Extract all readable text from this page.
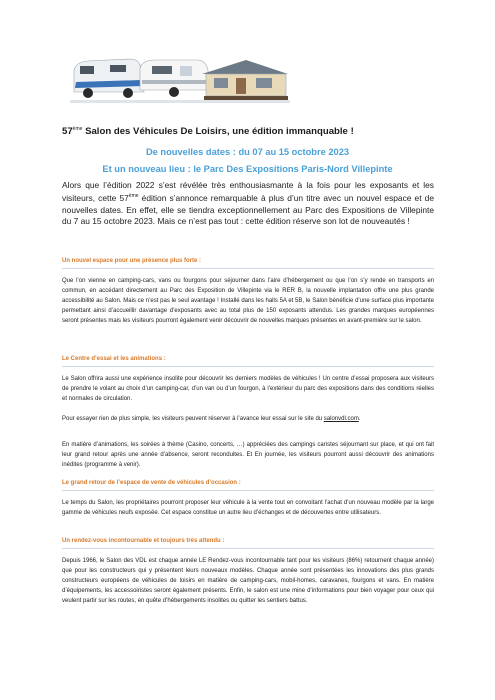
57ème Salon des Véhicules De Loisirs, une édition immanquable !
De nouvelles dates : du 07 au 15 octobre 2023
Et un nouveau lieu : le Parc Des Expositions Paris-Nord Villepinte
Alors que l’édition 2022 s’est révélée très enthousiasmante à la fois pour les exposants et les visiteurs, cette 57ème édition s’annonce remarquable à plus d’un titre avec un nouvel espace et de nouvelles dates. En effet, elle se tiendra exceptionnellement au Parc des Expositions de Villepinte du 7 au 15 octobre 2023. Mais ce n’est pas tout : cette édition réserve son lot de nouveautés !
Un nouvel espace pour une présence plus forte :
Que l’on vienne en camping-cars, vans ou fourgons pour séjourner dans l’aire d’hébergement ou que l’on s’y rende en transports en commun, en accédant directement au Parc des Exposition de Villepinte via le RER B, la nouvelle implantation offre une plus grande accessibilité au Salon. Mais ce n’est pas le seul avantage ! Installé dans les halls 5A et 5B, le Salon bénéficie d’une surface plus importante permettant ainsi d’accueillir davantage d’exposants avec au total plus de 150 exposants attendus. Les grandes marques européennes seront présentes mais les visiteurs pourront également venir découvrir de nouvelles marques présentes en avant-première sur le salon.
Le Centre d’essai et les animations :
Le Salon offrira aussi une expérience insolite pour découvrir les derniers modèles de véhicules ! Un centre d’essai proposera aux visiteurs de prendre le volant au choix d’un camping-car, d’un van ou d’un fourgon, à l’extérieur du parc des expositions dans des conditions réelles et normales de circulation.
Pour essayer rien de plus simple, les visiteurs peuvent réserver à l’avance leur essai sur le site du salonvdl.com.
En matière d’animations, les soirées à thème (Casino, concerts, …) appréciées des campings caristes séjournant sur place, et qui ont fait leur grand retour après une année d’absence, seront reconduites. Et En journée, les visiteurs pourront aussi découvrir des animations inédites (programme à venir).
Le grand retour de l’espace de vente de véhicules d’occasion :
Le temps du Salon, les propriétaires pourront proposer leur véhicule à la vente tout en convoitant l’achat d’un nouveau modèle par la large gamme de véhicules neufs exposée. Cet espace constitue un autre lieu d’échanges et de découvertes entre utilisateurs.
Un rendez-vous incontournable et toujours très attendu :
Depuis 1966, le Salon des VDL est chaque année LE Rendez-vous incontournable tant pour les visiteurs (86%) retournent chaque année) que pour les constructeurs qui y présentent leurs nouveaux modèles. Chaque année sont présentées les innovations des plus grands constructeurs européens de véhicules de loisirs en matière de camping-cars, mobil-homes, caravanes, fourgons et vans. En matière d’équipements, les accessoiristes seront également présents. Enfin, le salon est une mine d’informations pour bien voyager pour ceux qui veulent partir sur les routes, en quête d’hébergements insolites ou quitter les sentiers battus.
